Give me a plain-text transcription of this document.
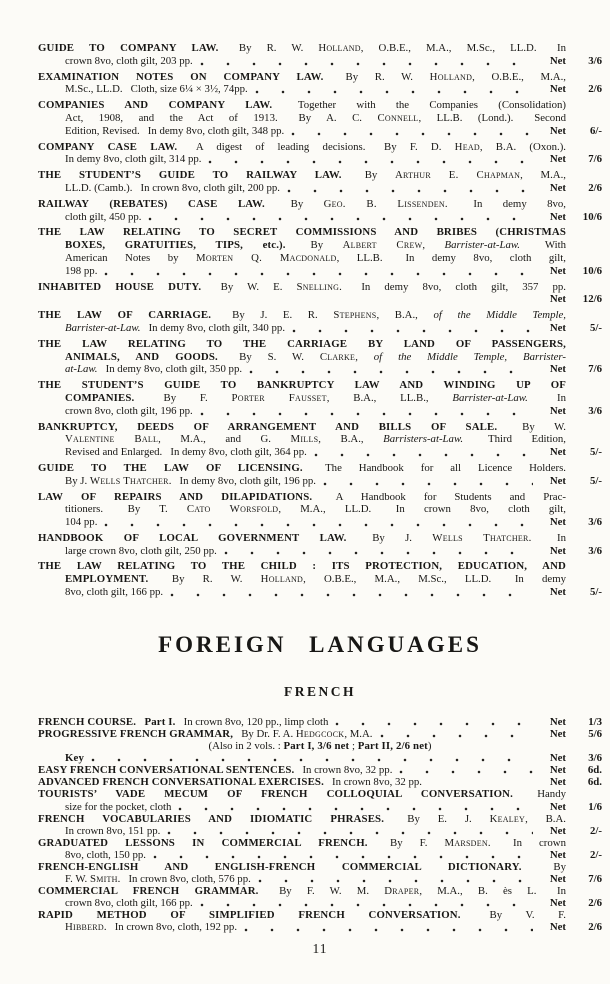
GUIDE TO COMPANY LAW.  By R. W. Holland, O.B.E., M.A., M.Sc., LL.D.  In
crown 8vo, cloth gilt, 203 pp.	Net	3/6
EXAMINATION NOTES ON COMPANY LAW.  By R. W. Holland, O.B.E., M.A.,
M.Sc., LL.D.  Cloth, size 6¼ × 3½, 74pp.	Net	2/6
COMPANIES AND COMPANY LAW.  Together with the Companies (Consolidation)
Act, 1908, and the Act of 1913.  By A. C. Connell, LL.B. (Lond.).  Second
Edition, Revised.  In demy 8vo, cloth gilt, 348 pp.	Net	6/-
COMPANY CASE LAW.  A digest of leading decisions.  By F. D. Head, B.A. (Oxon.).
In demy 8vo, cloth gilt, 314 pp.	Net	7/6
THE STUDENT’S GUIDE TO RAILWAY LAW.  By Arthur E. Chapman, M.A.,
LL.D. (Camb.).  In crown 8vo, cloth gilt, 200 pp.	Net	2/6
RAILWAY (REBATES) CASE LAW.  By Geo. B. Lissenden.  In demy 8vo,
cloth gilt, 450 pp.	Net	10/6
THE LAW RELATING TO SECRET COMMISSIONS AND BRIBES (CHRISTMAS
BOXES, GRATUITIES, TIPS, etc.).  By Albert Crew, Barrister-at-Law.  With
American Notes by Morten Q. Macdonald, LL.B.  In demy 8vo, cloth gilt,
198 pp.	Net	10/6
INHABITED HOUSE DUTY.  By W. E. Snelling.  In demy 8vo, cloth gilt, 357 pp.
Net	12/6
THE LAW OF CARRIAGE.  By J. E. R. Stephens, B.A., of the Middle Temple,
Barrister-at-Law.  In demy 8vo, cloth gilt, 340 pp.	Net	5/-
THE LAW RELATING TO THE CARRIAGE BY LAND OF PASSENGERS,
ANIMALS, AND GOODS.  By S. W. Clarke, of the Middle Temple, Barrister-
at-Law.  In demy 8vo, cloth gilt, 350 pp.	Net	7/6
THE STUDENT’S GUIDE TO BANKRUPTCY LAW AND WINDING UP OF
COMPANIES.  By F. Porter Fausset, B.A., LL.B., Barrister-at-Law.  In
crown 8vo, cloth gilt, 196 pp.	Net	3/6
BANKRUPTCY, DEEDS OF ARRANGEMENT AND BILLS OF SALE.  By W.
Valentine Ball, M.A., and G. Mills, B.A., Barristers-at-Law.  Third Edition,
Revised and Enlarged.  In demy 8vo, cloth gilt, 364 pp.	Net	5/-
GUIDE TO THE LAW OF LICENSING.  The Handbook for all Licence Holders.
By J. Wells Thatcher.  In demy 8vo, cloth gilt, 196 pp.	Net	5/-
LAW OF REPAIRS AND DILAPIDATIONS.  A Handbook for Students and Prac-
titioners.  By T. Cato Worsfold, M.A., LL.D.  In crown 8vo, cloth gilt,
104 pp.	Net	3/6
HANDBOOK OF LOCAL GOVERNMENT LAW.  By J. Wells Thatcher.  In
large crown 8vo, cloth gilt, 250 pp.	Net	3/6
THE LAW RELATING TO THE CHILD : ITS PROTECTION, EDUCATION, AND
EMPLOYMENT.  By R. W. Holland, O.B.E., M.A., M.Sc., LL.D.  In demy
8vo, cloth gilt, 166 pp.	Net	5/-
FOREIGN LANGUAGES
FRENCH
FRENCH COURSE.  Part I.  In crown 8vo, 120 pp., limp cloth	Net	1/3
PROGRESSIVE FRENCH GRAMMAR,  By Dr. F. A. Hedgcock, M.A.	Net	5/6
(Also in 2 vols. : Part I, 3/6 net ; Part II, 2/6 net)
Key	Net	3/6
EASY FRENCH CONVERSATIONAL SENTENCES.  In crown 8vo, 32 pp.	Net	6d.
ADVANCED FRENCH CONVERSATIONAL EXERCISES.  In crown 8vo, 32 pp.	Net	6d.
TOURISTS’ VADE MECUM OF FRENCH COLLOQUIAL CONVERSATION.  Handy
size for the pocket, cloth	Net	1/6
FRENCH VOCABULARIES AND IDIOMATIC PHRASES.  By E. J. Kealey, B.A.
In crown 8vo, 151 pp.	Net	2/-
GRADUATED LESSONS IN COMMERCIAL FRENCH.  By F. Marsden.  In crown
8vo, cloth, 150 pp.	Net	2/-
FRENCH-ENGLISH AND ENGLISH-FRENCH COMMERCIAL DICTIONARY.  By
F. W. Smith.  In crown 8vo, cloth, 576 pp.	Net	7/6
COMMERCIAL FRENCH GRAMMAR.  By F. W. M. Draper, M.A., B. ès L.  In
crown 8vo, cloth gilt, 166 pp.	Net	2/6
RAPID METHOD OF SIMPLIFIED FRENCH CONVERSATION.  By V. F.
Hibberd.  In crown 8vo, cloth, 192 pp.	Net	2/6
11
